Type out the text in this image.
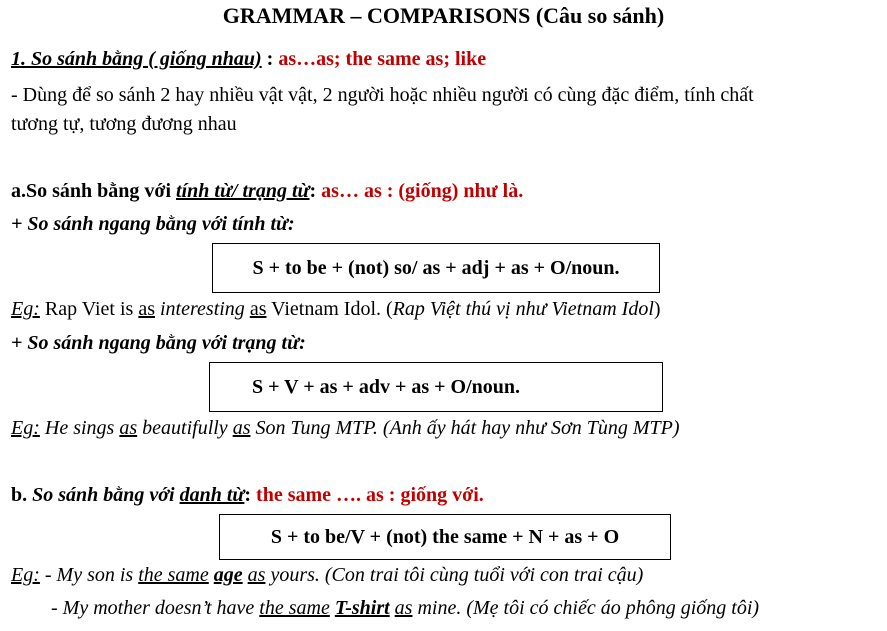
GRAMMAR – COMPARISONS (Câu so sánh)
1. So sánh bằng ( giống nhau) : as…as; the same as; like
- Dùng để so sánh 2 hay nhiều vật vật, 2 người hoặc nhiều người có cùng đặc điểm, tính chất
tương tự, tương đương nhau
a.So sánh bằng với tính từ/ trạng từ: as… as : (giống) như là.
+ So sánh ngang bằng với tính từ:
S + to be + (not) so/ as + adj + as + O/noun.
Eg: Rap Viet is as interesting as Vietnam Idol. (Rap Việt thú vị như Vietnam Idol)
+ So sánh ngang bằng với trạng từ:
S + V + as + adv + as + O/noun.
Eg: He sings as beautifully as Son Tung MTP. (Anh ấy hát hay như Sơn Tùng MTP)
b. So sánh bằng với danh từ: the same …. as : giống với.
S + to be/V + (not) the same + N + as + O
Eg: - My son is the same age as yours. (Con trai tôi cùng tuổi với con trai cậu)
- My mother doesn’t have the same T-shirt as mine. (Mẹ tôi có chiếc áo phông giống tôi)
